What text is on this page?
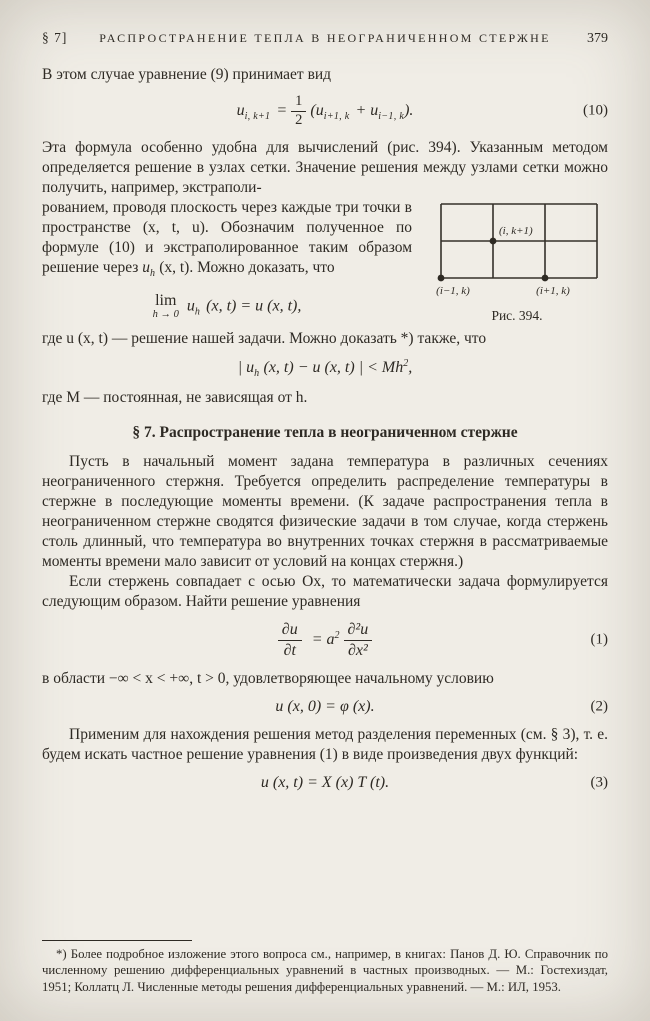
§ 7]	РАСПРОСТРАНЕНИЕ ТЕПЛА В НЕОГРАНИЧЕННОМ СТЕРЖНЕ	379

В этом случае уравнение (9) принимает вид

$u_{i, k+1} = \frac{1}{2} (u_{i+1, k} + u_{i-1, k})$.	(10)

Эта формула особенно удобна для вычислений (рис. 394). Указанным методом определяется решение в узлах сетки. Значение решения между узлами сетки можно получить, например, экстраполи-

(i, k+1)
(i−1, k)	(i+1, k)
Рис. 394.

рованием, проводя плоскость через каждые три точки в пространстве (x, t, u). Обозначим полученное по формуле (10) и экстраполированное таким образом решение через $u_h$ (x, t). Можно доказать, что

lim
h → 0
$u_h$ (x, t) = u (x, t),

где u (x, t) — решение нашей задачи. Можно доказать *) также, что

| $u_h$ (x, t) − u (x, t) | < $Mh^2$,

где M — постоянная, не зависящая от h.

§ 7. Распространение тепла в неограниченном стержне

Пусть в начальный момент задана температура в различных сечениях неограниченного стержня. Требуется определить распределение температуры в стержне в последующие моменты времени. (К задаче распространения тепла в неограниченном стержне сводятся физические задачи в том случае, когда стержень столь длинный, что температура во внутренних точках стержня в рассматриваемые моменты времени мало зависит от условий на концах стержня.)

Если стержень совпадает с осью Ox, то математически задача формулируется следующим образом. Найти решение уравнения

$\frac{\partial u}{\partial t} = a^2 \frac{\text{∂²u}}{\text{∂x²}}$	(1)

в области −∞ < x < +∞, t > 0, удовлетворяющее начальному условию

u (x, 0) = φ (x).	(2)

Применим для нахождения решения метод разделения переменных (см. § 3), т. е. будем искать частное решение уравнения (1) в виде произведения двух функций:

u (x, t) = X (x) T (t).	(3)

*) Более подробное изложение этого вопроса см., например, в книгах: Панов Д. Ю. Справочник по численному решению дифференциальных уравнений в частных производных. — М.: Гостехиздат, 1951; Коллатц Л. Численные методы решения дифференциальных уравнений. — М.: ИЛ, 1953.
